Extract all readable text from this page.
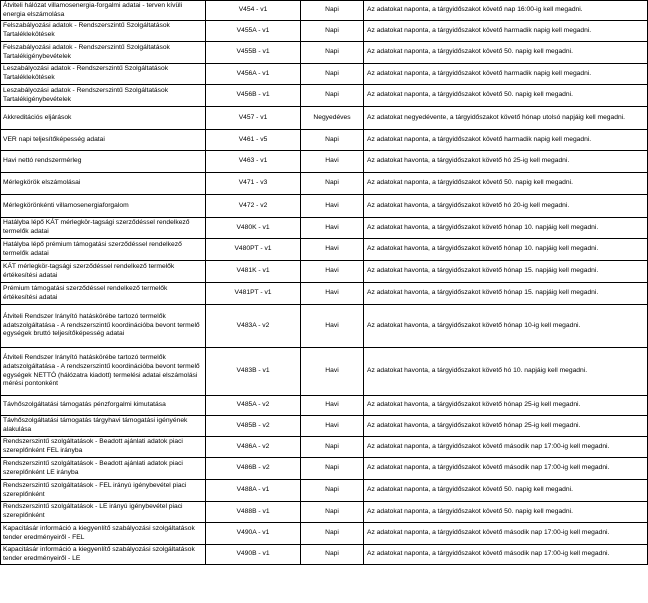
Átviteli hálózat villamosenergia-forgalmi adatai - terven kívüli energia elszámolása	V454 - v1	Napi	Az adatokat naponta, a tárgyidőszakot követő nap 16:00-ig kell megadni.
Felszabályozási adatok - Rendszerszintű Szolgáltatások Tartaléklekötések	V455A - v1	Napi	Az adatokat naponta, a tárgyidőszakot követő harmadik napig kell megadni.
Felszabályozási adatok - Rendszerszintű Szolgáltatások Tartalékigénybevételek	V455B - v1	Napi	Az adatokat naponta, a tárgyidőszakot követő 50. napig kell megadni.
Leszabályozási adatok - Rendszerszintű Szolgáltatások Tartaléklekötések	V456A - v1	Napi	Az adatokat naponta, a tárgyidőszakot követő harmadik napig kell megadni.
Leszabályozási adatok - Rendszerszintű Szolgáltatások Tartalékigénybevételek	V456B - v1	Napi	Az adatokat naponta, a tárgyidőszakot követő 50. napig kell megadni.
Akkreditációs eljárások	V457 - v1	Negyedéves	Az adatokat negyedévente, a tárgyidőszakot követő hónap utolsó napjáig kell megadni.
VER napi teljesítőképesség adatai	V461 - v5	Napi	Az adatokat naponta, a tárgyidőszakot követő harmadik napig kell megadni.
Havi nettó rendszermérleg	V463 - v1	Havi	Az adatokat havonta, a tárgyidőszakot követő hó 25-ig kell megadni.
Mérlegkörök elszámolásai	V471 - v3	Napi	Az adatokat naponta, a tárgyidőszakot követő 50. napig kell megadni.
Mérlegkörönkénti villamosenergiaforgalom	V472 - v2	Havi	Az adatokat havonta, a tárgyidőszakot követő hó 20-ig kell megadni.
Hatályba lépő KÁT mérlegkör-tagsági szerződéssel rendelkező termelők adatai	V480K - v1	Havi	Az adatokat havonta, a tárgyidőszakot követő hónap 10. napjáig kell megadni.
Hatályba lépő prémium támogatási szerződéssel rendelkező termelők adatai	V480PT - v1	Havi	Az adatokat havonta, a tárgyidőszakot követő hónap 10. napjáig kell megadni.
KÁT mérlegkör-tagsági szerződéssel rendelkező termelők értékesítési adatai	V481K - v1	Havi	Az adatokat havonta, a tárgyidőszakot követő hónap 15. napjáig kell megadni.
Prémium támogatási szerződéssel rendelkező termelők értékesítési adatai	V481PT - v1	Havi	Az adatokat havonta, a tárgyidőszakot követő hónap 15. napjáig kell megadni.
Átviteli Rendszer Irányító hatáskörébe tartozó termelők adatszolgáltatása - A rendszerszintű koordinációba bevont termelő egységek bruttó teljesítőképesség adatai	V483A - v2	Havi	Az adatokat havonta, a tárgyidőszakot követő hónap 10-ig kell megadni.
Átviteli Rendszer Irányító hatáskörébe tartozó termelők adatszolgáltatása - A rendszerszintű koordinációba bevont termelő egységek NETTÓ (hálózatra kiadott) termelési adatai elszámolási mérési pontonként	V483B - v1	Havi	Az adatokat havonta, a tárgyidőszakot követő hó 10. napjáig kell megadni.
Távhőszolgáltatási támogatás pénzforgalmi kimutatása	V485A - v2	Havi	Az adatokat havonta, a tárgyidőszakot követő hónap 25-ig kell megadni.
Távhőszolgáltatási támogatás tárgyhavi támogatási igényének alakulása	V485B - v2	Havi	Az adatokat havonta, a tárgyidőszakot követő hónap 25-ig kell megadni.
Rendszerszintű szolgáltatások - Beadott ajánlati adatok piaci szereplőnként FEL irányba	V486A - v2	Napi	Az adatokat naponta, a tárgyidőszakot követő második nap 17:00-ig kell megadni.
Rendszerszintű szolgáltatások - Beadott ajánlati adatok piaci szereplőnként LE irányba	V486B - v2	Napi	Az adatokat naponta, a tárgyidőszakot követő második nap 17:00-ig kell megadni.
Rendszerszintű szolgáltatások - FEL irányú igénybevétel piaci szereplőnként	V488A - v1	Napi	Az adatokat naponta, a tárgyidőszakot követő 50. napig kell megadni.
Rendszerszintű szolgáltatások - LE irányú igénybevétel piaci szereplőnként	V488B - v1	Napi	Az adatokat naponta, a tárgyidőszakot követő 50. napig kell megadni.
Kapacitásár információ a kiegyenlítő szabályozási szolgáltatások tender eredményeiről - FEL	V490A - v1	Napi	Az adatokat naponta, a tárgyidőszakot követő második nap 17:00-ig kell megadni.
Kapacitásár információ a kiegyenlítő szabályozási szolgáltatások tender eredményeiről - LE	V490B - v1	Napi	Az adatokat naponta, a tárgyidőszakot követő második nap 17:00-ig kell megadni.
